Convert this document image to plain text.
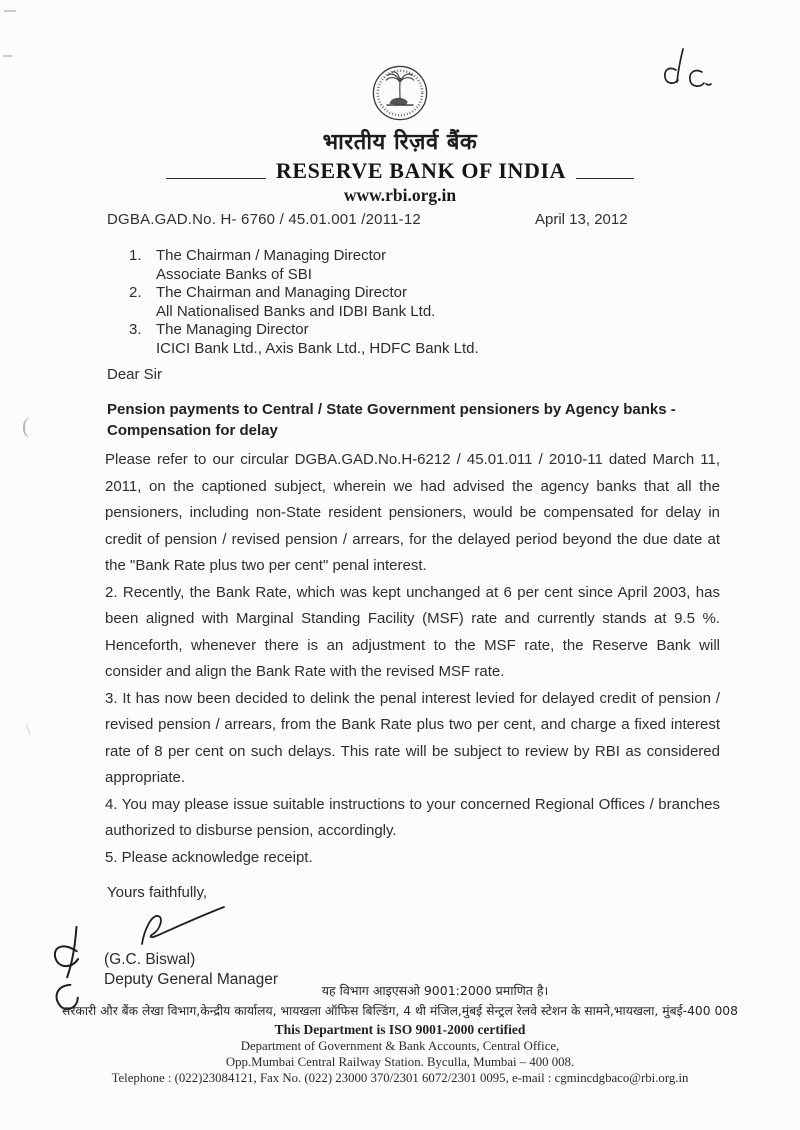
भारतीय रिज़र्व बैंक
RESERVE BANK OF INDIA
www.rbi.org.in
DGBA.GAD.No. H- 6760 / 45.01.001 /2011-12	April 13, 2012
1. The Chairman / Managing Director
Associate Banks of SBI
2. The Chairman and Managing Director
All Nationalised Banks and IDBI Bank Ltd.
3. The Managing Director
ICICI Bank Ltd., Axis Bank Ltd., HDFC Bank Ltd.
Dear Sir
Pension payments to Central / State Government pensioners by Agency banks - Compensation for delay

Please refer to our circular DGBA.GAD.No.H-6212 / 45.01.011 / 2010-11 dated March 11, 2011, on the captioned subject, wherein we had advised the agency banks that all the pensioners, including non-State resident pensioners, would be compensated for delay in credit of pension / revised pension / arrears, for the delayed period beyond the due date at the "Bank Rate plus two per cent" penal interest.

2. Recently, the Bank Rate, which was kept unchanged at 6 per cent since April 2003, has been aligned with Marginal Standing Facility (MSF) rate and currently stands at 9.5 %. Henceforth, whenever there is an adjustment to the MSF rate, the Reserve Bank will consider and align the Bank Rate with the revised MSF rate.

3. It has now been decided to delink the penal interest levied for delayed credit of pension / revised pension / arrears, from the Bank Rate plus two per cent, and charge a fixed interest rate of 8 per cent on such delays. This rate will be subject to review by RBI as considered appropriate.

4. You may please issue suitable instructions to your concerned Regional Offices / branches authorized to disburse pension, accordingly.

5. Please acknowledge receipt.

Yours faithfully,
(G.C. Biswal)
Deputy General Manager
यह विभाग आइएसओ 9001:2000 प्रमाणित है।
सरकारी और बैंक लेखा विभाग,केन्द्रीय कार्यालय, भायखला ऑफिस बिल्डिंग, 4 थी मंजिल,मुंबई सेन्ट्रल रेलवे स्टेशन के सामने,भायखला, मुंबई-400 008
This Department is ISO 9001-2000 certified
Department of Government & Bank Accounts, Central Office,
Opp.Mumbai Central Railway Station. Byculla, Mumbai – 400 008.
Telephone : (022)23084121, Fax No. (022) 23000 370/2301 6072/2301 0095, e-mail : cgmincdgbaco@rbi.org.in
(
\
